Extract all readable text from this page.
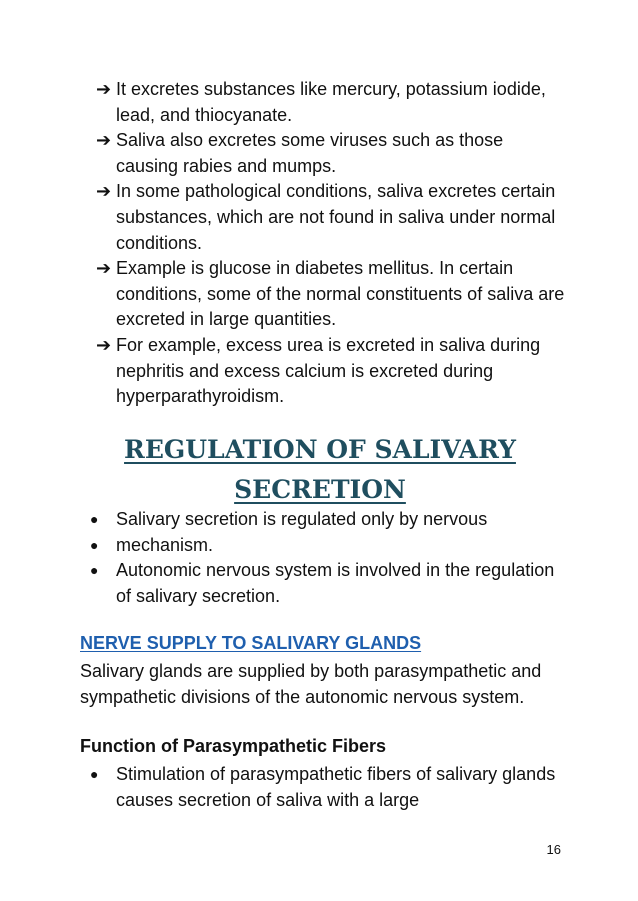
➔ It excretes substances like mercury, potassium iodide, lead, and thiocyanate.
➔ Saliva also excretes some viruses such as those causing rabies and mumps.
➔ In some pathological conditions, saliva excretes certain substances, which are not found in saliva under normal conditions.
➔ Example is glucose in diabetes mellitus. In certain conditions, some of the normal constituents of saliva are excreted in large quantities.
➔ For example, excess urea is excreted in saliva during nephritis and excess calcium is excreted during hyperparathyroidism.
REGULATION OF SALIVARY
SECRETION
● Salivary secretion is regulated only by nervous
● mechanism.
● Autonomic nervous system is involved in the regulation of salivary secretion.
NERVE SUPPLY TO SALIVARY GLANDS

Salivary glands are supplied by both parasympathetic and sympathetic divisions of the autonomic nervous system.

Function of Parasympathetic Fibers
● Stimulation of parasympathetic fibers of salivary glands causes secretion of saliva with a large
16
